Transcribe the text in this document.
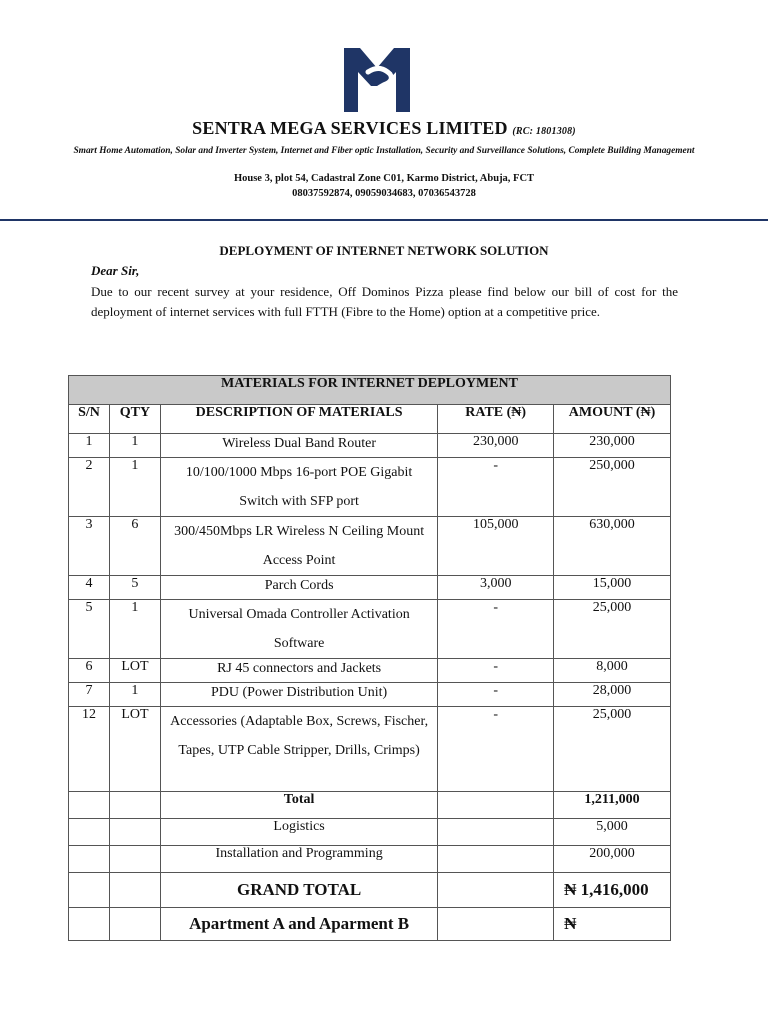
SENTRA MEGA SERVICES LIMITED (RC: 1801308)
Smart Home Automation, Solar and Inverter System, Internet and Fiber optic Installation, Security and Surveillance Solutions, Complete Building Management
House 3, plot 54, Cadastral Zone C01, Karmo District, Abuja, FCT
08037592874, 09059034683, 07036543728
DEPLOYMENT OF INTERNET NETWORK SOLUTION
Dear Sir,
Due to our recent survey at your residence, Off Dominos Pizza please find below our bill of cost for the deployment of internet services with full FTTH (Fibre to the Home) option at a competitive price.
MATERIALS FOR INTERNET DEPLOYMENT				
S/N	QTY	DESCRIPTION OF MATERIALS	RATE (₦)	AMOUNT (₦)
1	1	Wireless Dual Band Router	230,000	230,000
2	1	10/100/1000 Mbps 16-port POE Gigabit Switch with SFP port	-	250,000
3	6	300/450Mbps LR Wireless N Ceiling Mount Access Point	105,000	630,000
4	5	Parch Cords	3,000	15,000
5	1	Universal Omada Controller Activation Software	-	25,000
6	LOT	RJ 45 connectors and Jackets	-	8,000
7	1	PDU (Power Distribution Unit)	-	28,000
12	LOT	Accessories (Adaptable Box, Screws, Fischer, Tapes, UTP Cable Stripper, Drills, Crimps)	-	25,000
		Total		1,211,000
		Logistics		5,000
		Installation and Programming		200,000
		GRAND TOTAL		₦ 1,416,000
		Apartment A and Aparment B		₦
